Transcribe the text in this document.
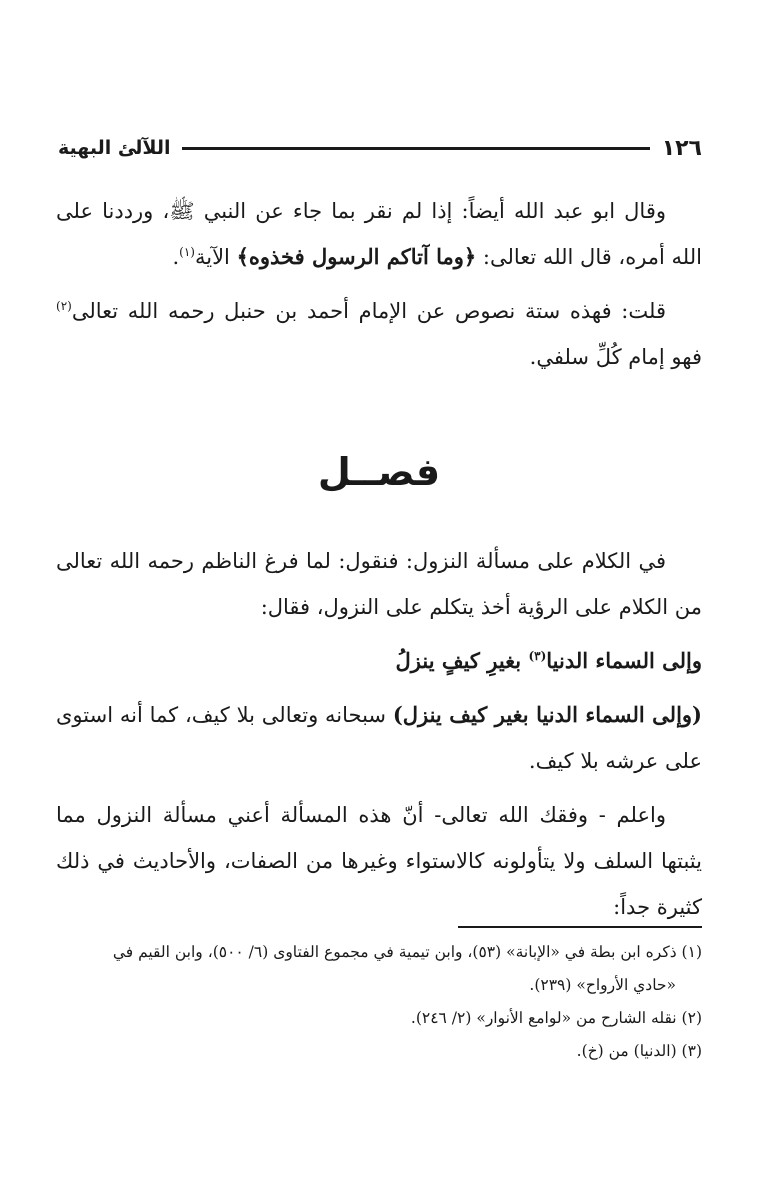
١٢٦
اللآلئ البهية

وقال ابو عبد الله أيضاً: إذا لم نقر بما جاء عن النبي ﷺ، ورددنا على الله أمره، قال الله تعالى: ﴿وما آتاكم الرسول فخذوه﴾ الآية$^{(١)}$.

قلت: فهذه ستة نصوص عن الإمام أحمد بن حنبل رحمه الله تعالى$^{(٢)}$ فهو إمام كُلِّ سلفي.

فصــل

في الكلام على مسألة النزول: فنقول: لما فرغ الناظم رحمه الله تعالى من الكلام على الرؤية أخذ يتكلم على النزول، فقال:

وإلى السماء الدنيا$^{(٣)}$ بغيرِ كيفٍ ينزلُ

(وإلى السماء الدنيا بغير كيف ينزل) سبحانه وتعالى بلا كيف، كما أنه استوى على عرشه بلا كيف.

واعلم - وفقك الله تعالى- أنّ هذه المسألة أعني مسألة النزول مما يثبتها السلف ولا يتأولونه كالاستواء وغيرها من الصفات، والأحاديث في ذلك كثيرة جداً:

(١) ذكره ابن بطة في «الإبانة» (٥٣)، وابن تيمية في مجموع الفتاوى (٦/ ٥٠٠)، وابن القيم في
«حادي الأرواح» (٢٣٩).

(٢) نقله الشارح من «لوامع الأنوار» (٢/ ٢٤٦).

(٣) (الدنيا) من (خ).
